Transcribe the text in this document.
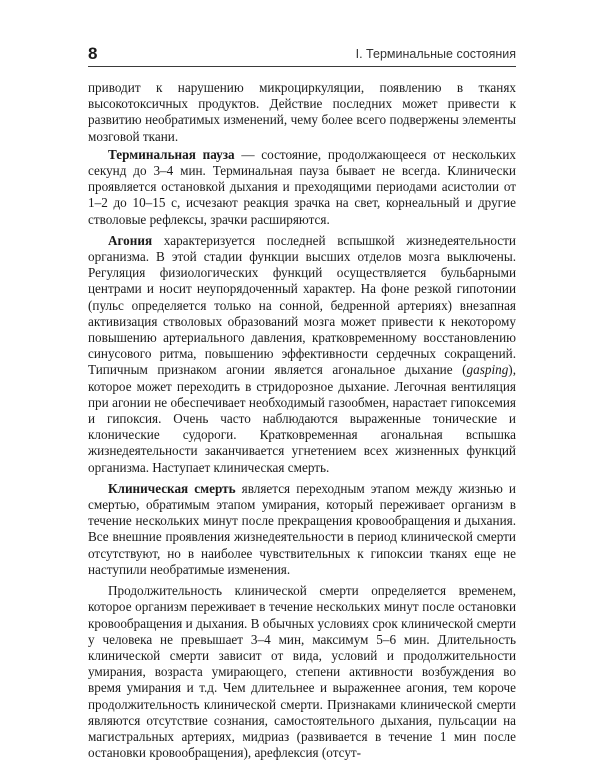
8	I. Терминальные состояния

приводит к нарушению микроциркуляции, появлению в тканях высокотоксичных продуктов. Действие последних может привести к развитию необратимых изменений, чему более всего подвержены элементы мозговой ткани.

Терминальная пауза — состояние, продолжающееся от нескольких секунд до 3–4 мин. Терминальная пауза бывает не всегда. Клинически проявляется остановкой дыхания и преходящими периодами асистолии от 1–2 до 10–15 с, исчезают реакция зрачка на свет, корнеальный и другие стволовые рефлексы, зрачки расширяются.

Агония характеризуется последней вспышкой жизнедеятельности организма. В этой стадии функции высших отделов мозга выключены. Регуляция физиологических функций осуществляется бульбарными центрами и носит неупорядоченный характер. На фоне резкой гипотонии (пульс определяется только на сонной, бедренной артериях) внезапная активизация стволовых образований мозга может привести к некоторому повышению артериального давления, кратковременному восстановлению синусового ритма, повышению эффективности сердечных сокращений. Типичным признаком агонии является агональное дыхание (gasping), которое может переходить в стридорозное дыхание. Легочная вентиляция при агонии не обеспечивает необходимый газообмен, нарастает гипоксемия и гипоксия. Очень часто наблюдаются выраженные тонические и клонические судороги. Кратковременная агональная вспышка жизнедеятельности заканчивается угнетением всех жизненных функций организма. Наступает клиническая смерть.

Клиническая смерть является переходным этапом между жизнью и смертью, обратимым этапом умирания, который переживает организм в течение нескольких минут после прекращения кровообращения и дыхания. Все внешние проявления жизнедеятельности в период клинической смерти отсутствуют, но в наиболее чувствительных к гипоксии тканях еще не наступили необратимые изменения.

Продолжительность клинической смерти определяется временем, которое организм переживает в течение нескольких минут после остановки кровообращения и дыхания. В обычных условиях срок клинической смерти у человека не превышает 3–4 мин, максимум 5–6 мин. Длительность клинической смерти зависит от вида, условий и продолжительности умирания, возраста умирающего, степени активности возбуждения во время умирания и т.д. Чем длительнее и выраженнее агония, тем короче продолжительность клинической смерти. Признаками клинической смерти являются отсутствие сознания, самостоятельного дыхания, пульсации на магистральных артериях, мидриаз (развивается в течение 1 мин после остановки кровообращения), арефлексия (отсут-
